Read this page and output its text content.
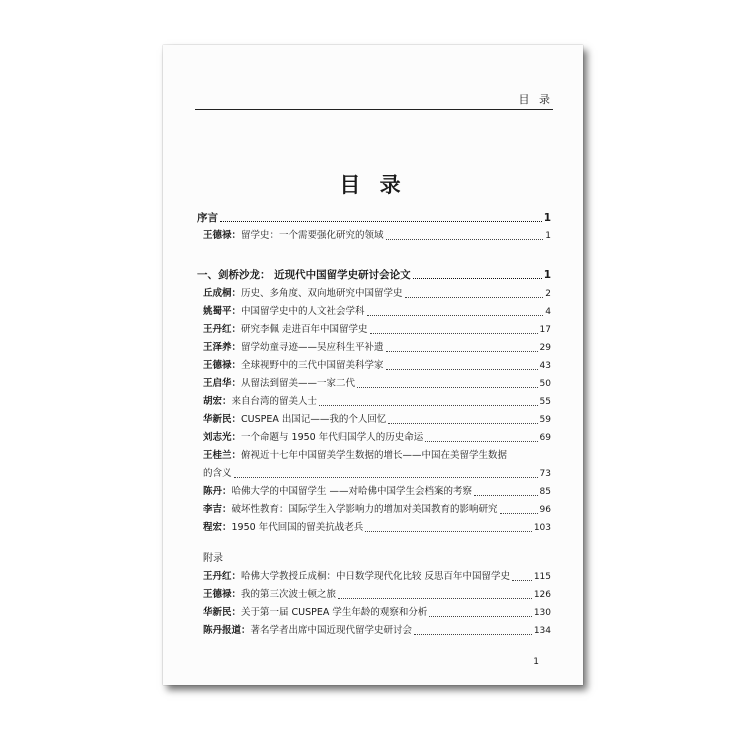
目 录
目 录
序言	1
王德禄：留学史：一个需要强化研究的领域	1
一、剑桥沙龙： 近现代中国留学史研讨会论文	1
丘成桐：历史、多角度、双向地研究中国留学史	2
姚蜀平：中国留学史中的人文社会学科	4
王丹红：研究李佩 走进百年中国留学史	17
王泽养：留学幼童寻迹——吴应科生平补遗	29
王德禄：全球视野中的三代中国留美科学家	43
王启华：从留法到留美——一家二代	50
胡宏：来自台湾的留美人士	55
华新民：CUSPEA 出国记——我的个人回忆	59
刘志光：一个命题与 1950 年代归国学人的历史命运	69
王桂兰：俯视近十七年中国留美学生数据的增长——中国在美留学生数据
的含义	73
陈丹：哈佛大学的中国留学生 ——对哈佛中国学生会档案的考察	85
李吉：破坏性教育：国际学生入学影响力的增加对美国教育的影响研究	96
程宏：1950 年代回国的留美抗战老兵	103
附录
王丹红：哈佛大学教授丘成桐：中日数学现代化比较 反思百年中国留学史	115
王德禄：我的第三次波士顿之旅	126
华新民：关于第一届 CUSPEA 学生年龄的观察和分析	130
陈丹报道：著名学者出席中国近现代留学史研讨会	134
1
